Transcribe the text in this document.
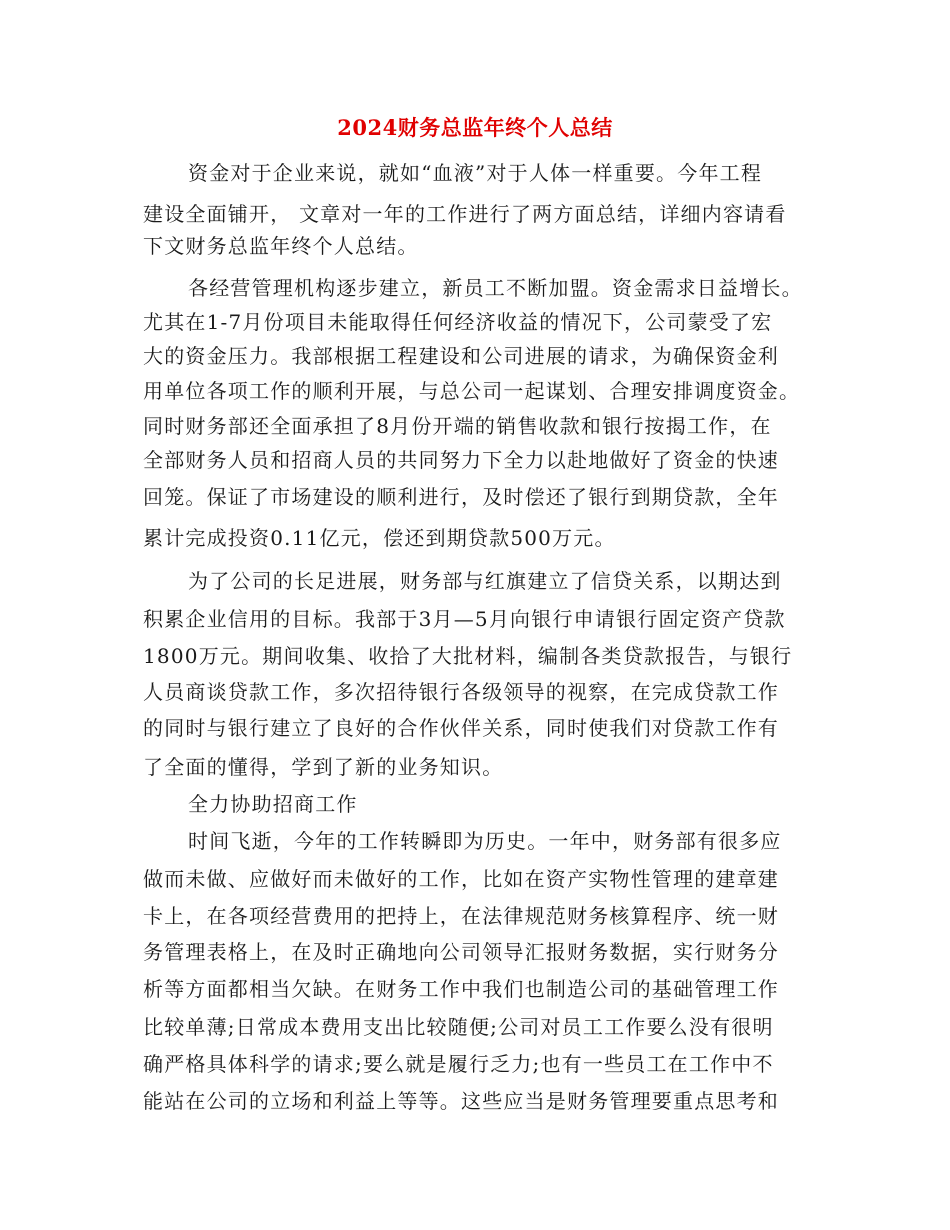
2024财务总监年终个人总结
资金对于企业来说，就如“血液”对于人体一样重要。今年工程
建设全面铺开， 文章对一年的工作进行了两方面总结，详细内容请看
下文财务总监年终个人总结。
各经营管理机构逐步建立，新员工不断加盟。资金需求日益增长。
尤其在1-7月份项目未能取得任何经济收益的情况下，公司蒙受了宏
大的资金压力。我部根据工程建设和公司进展的请求，为确保资金利
用单位各项工作的顺利开展，与总公司一起谋划、合理安排调度资金。
同时财务部还全面承担了8月份开端的销售收款和银行按揭工作，在
全部财务人员和招商人员的共同努力下全力以赴地做好了资金的快速
回笼。保证了市场建设的顺利进行，及时偿还了银行到期贷款，全年
累计完成投资0.11亿元，偿还到期贷款500万元。
为了公司的长足进展，财务部与红旗建立了信贷关系，以期达到
积累企业信用的目标。我部于3月—5月向银行申请银行固定资产贷款
1800万元。期间收集、收拾了大批材料，编制各类贷款报告，与银行
人员商谈贷款工作，多次招待银行各级领导的视察，在完成贷款工作
的同时与银行建立了良好的合作伙伴关系，同时使我们对贷款工作有
了全面的懂得，学到了新的业务知识。
全力协助招商工作
时间飞逝，今年的工作转瞬即为历史。一年中，财务部有很多应
做而未做、应做好而未做好的工作，比如在资产实物性管理的建章建
卡上，在各项经营费用的把持上，在法律规范财务核算程序、统一财
务管理表格上，在及时正确地向公司领导汇报财务数据，实行财务分
析等方面都相当欠缺。在财务工作中我们也制造公司的基础管理工作
比较单薄;日常成本费用支出比较随便;公司对员工工作要么没有很明
确严格具体科学的请求;要么就是履行乏力;也有一些员工在工作中不
能站在公司的立场和利益上等等。这些应当是财务管理要重点思考和
